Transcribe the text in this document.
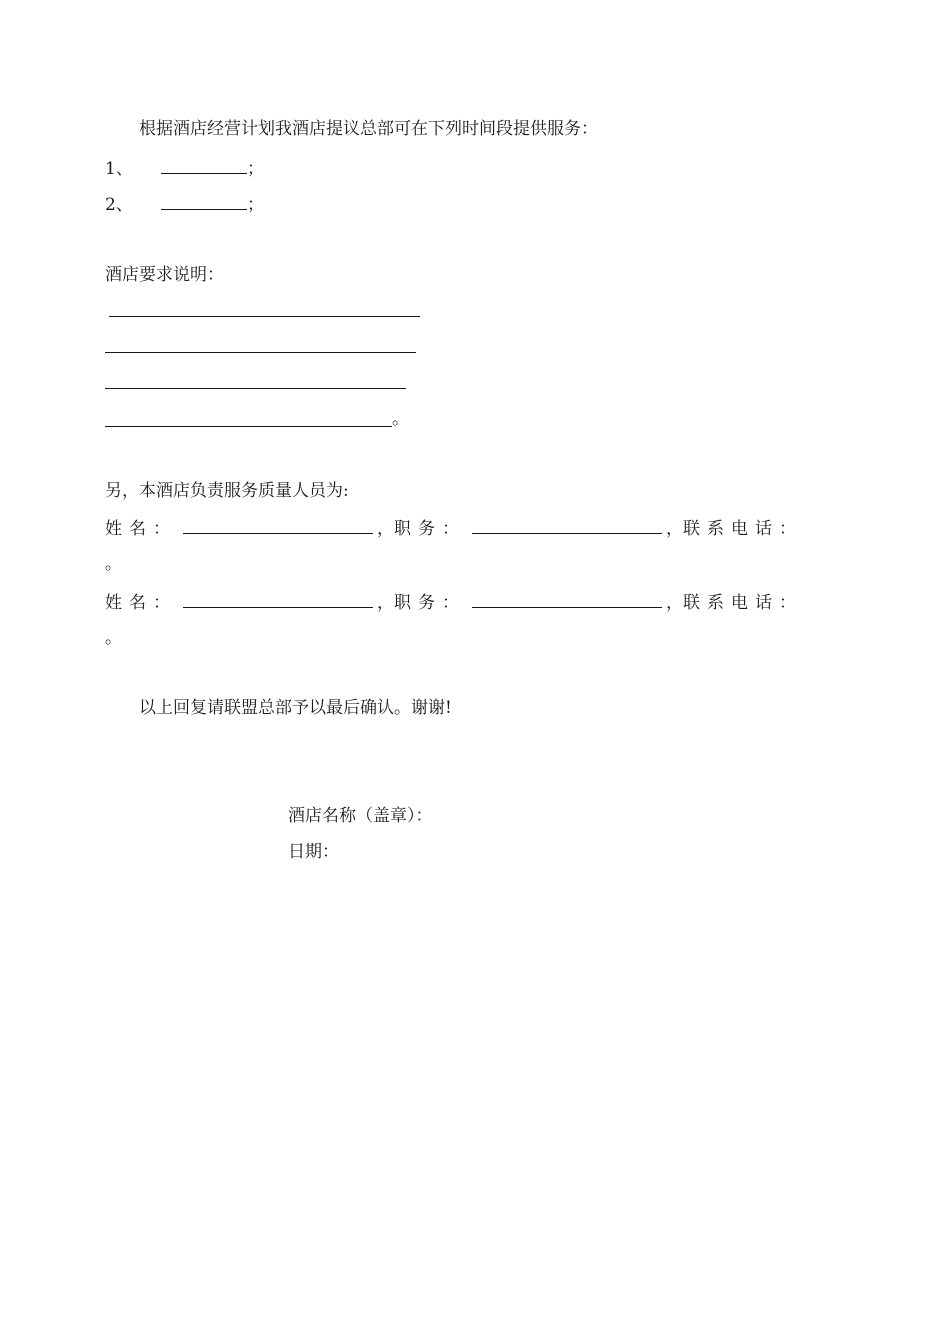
根据酒店经营计划我酒店提议总部可在下列时间段提供服务：
1、	；
2、	；
酒店要求说明：
。
另，本酒店负责服务质量人员为:
姓名：	， 职务：	， 联系电话：
。
姓名：	， 职务：	， 联系电话：
。
以上回复请联盟总部予以最后确认。谢谢!
酒店名称（盖章）：
日期：
